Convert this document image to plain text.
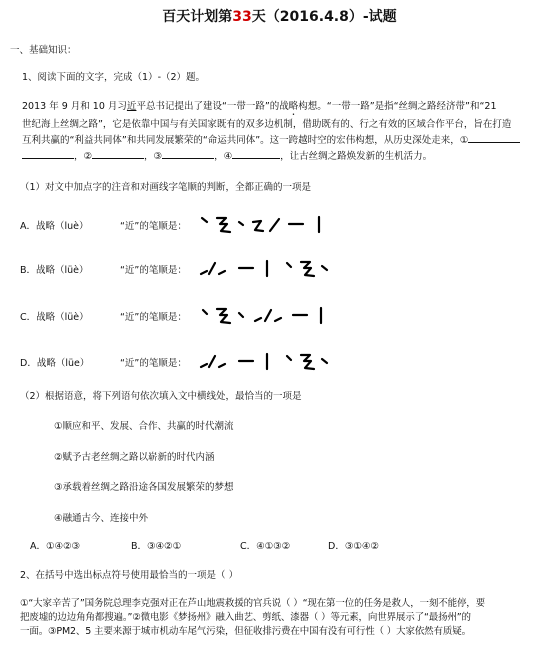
百天计划第33天（2016.4.8）-试题
一、基础知识：
1、阅读下面的文字，完成（1）-（2）题。
2013 年 9 月和 10 月习近平总书记提出了建设“一带一路”的战略构想。“一带一路”是指“丝绸之路经济带”和“21
世纪海上丝绸之路”，它是依靠中国与有关国家既有的双多边机制，借助既有的、行之有效的区域合作平台，旨在打造
互利共赢的“利益共同体”和共同发展繁荣的“命运共同体”。这一跨越时空的宏伟构想，从历史深处走来，①
，②	，③	，④	，让古丝绸之路焕发新的生机活力。
（1）对文中加点字的注音和对画线字笔顺的判断，全都正确的一项是
A．战略（luè）	“近”的笔顺是：
B．战略（lüè）	“近”的笔顺是：
C．战略（lüè）	“近”的笔顺是：
D．战略（lüe）	“近”的笔顺是：
（2）根据语意，将下列语句依次填入文中横线处，最恰当的一项是
①顺应和平、发展、合作、共赢的时代潮流
②赋予古老丝绸之路以崭新的时代内涵
③承载着丝绸之路沿途各国发展繁荣的梦想
④融通古今、连接中外
A．①④②③	B．③④②①	C．④①③②	D．③①④②
2、在括号中选出标点符号使用最恰当的一项是（ ）
①“大家辛苦了”国务院总理李克强对正在芦山地震救援的官兵说（ ）“现在第一位的任务是救人，一刻不能停，要
把废墟的边边角角都搜遍。”②微电影《梦扬州》融入曲艺、剪纸、漆器（ ）等元素，向世界展示了“最扬州”的
一面。③PM2、5 主要来源于城市机动车尾气污染，但征收排污费在中国有没有可行性（ ）大家依然有质疑。
